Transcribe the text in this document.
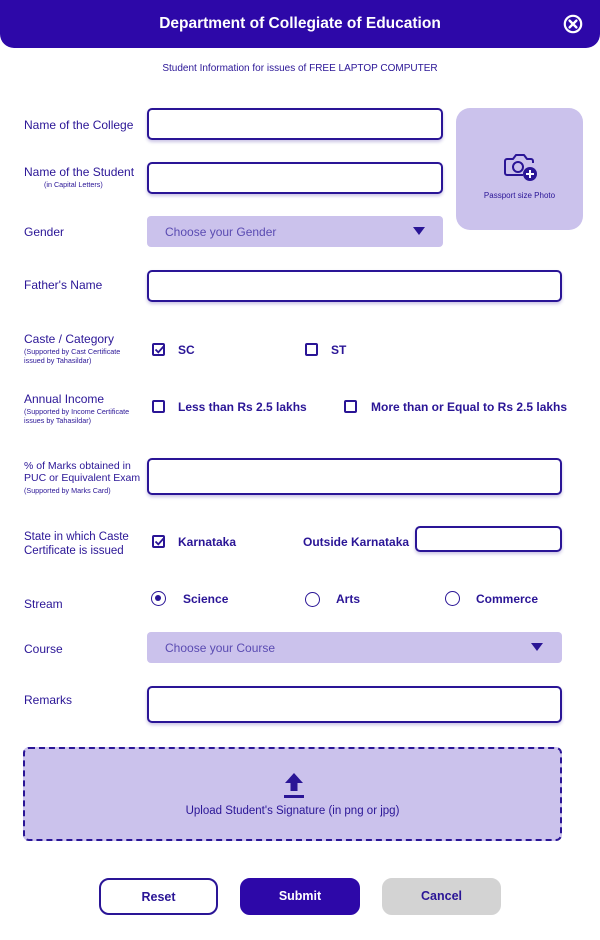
Department of Collegiate of Education
Student Information for issues of FREE LAPTOP COMPUTER
Name of the College
Name of the Student
(in Capital Letters)
Gender	Choose your Gender
Passport size Photo
Father's Name
Caste / Category
(Supported by Cast Certificate
issued by Tahasildar)
SC	ST
Annual Income
(Supported by Income Certificate
issues by Tahasildar)
Less than Rs 2.5 lakhs	More than or Equal to Rs 2.5 lakhs
% of Marks obtained in
PUC or Equivalent Exam
(Supported by Marks Card)
State in which Caste
Certificate is issued
Karnataka	Outside Karnataka
Stream	Science	Arts	Commerce
Course	Choose your Course
Remarks
Upload Student's Signature (in png or jpg)
Reset	Submit	Cancel
